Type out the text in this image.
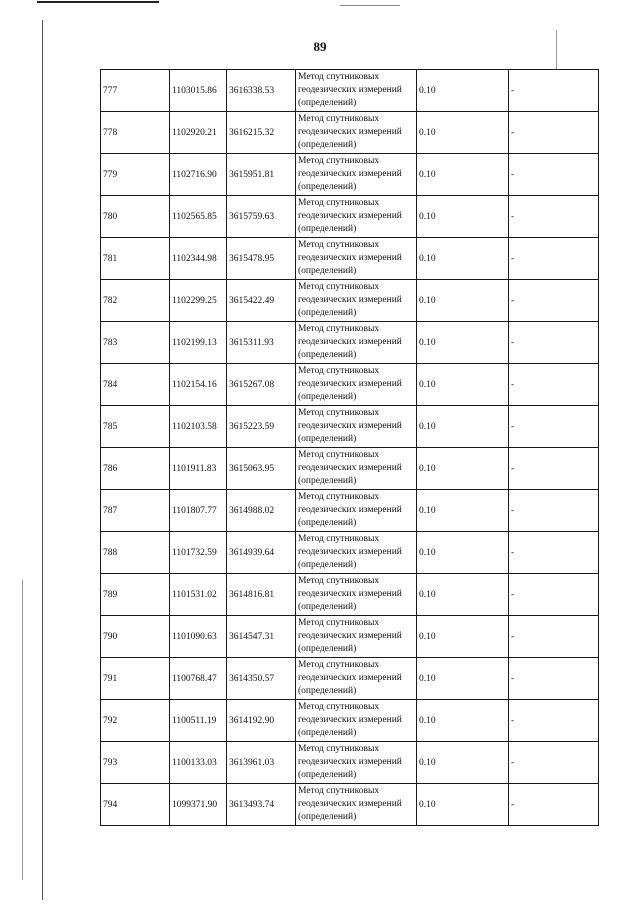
89
777	1103015.86	3616338.53	Метод спутниковых
геодезических измерений
(определений)	0.10	-
778	1102920.21	3616215.32	Метод спутниковых
геодезических измерений
(определений)	0.10	-
779	1102716.90	3615951.81	Метод спутниковых
геодезических измерений
(определений)	0.10	-
780	1102565.85	3615759.63	Метод спутниковых
геодезических измерений
(определений)	0.10	-
781	1102344.98	3615478.95	Метод спутниковых
геодезических измерений
(определений)	0.10	-
782	1102299.25	3615422.49	Метод спутниковых
геодезических измерений
(определений)	0.10	-
783	1102199.13	3615311.93	Метод спутниковых
геодезических измерений
(определений)	0.10	-
784	1102154.16	3615267.08	Метод спутниковых
геодезических измерений
(определений)	0.10	-
785	1102103.58	3615223.59	Метод спутниковых
геодезических измерений
(определений)	0.10	-
786	1101911.83	3615063.95	Метод спутниковых
геодезических измерений
(определений)	0.10	-
787	1101807.77	3614988.02	Метод спутниковых
геодезических измерений
(определений)	0.10	-
788	1101732.59	3614939.64	Метод спутниковых
геодезических измерений
(определений)	0.10	-
789	1101531.02	3614816.81	Метод спутниковых
геодезических измерений
(определений)	0.10	-
790	1101090.63	3614547.31	Метод спутниковых
геодезических измерений
(определений)	0.10	-
791	1100768.47	3614350.57	Метод спутниковых
геодезических измерений
(определений)	0.10	-
792	1100511.19	3614192.90	Метод спутниковых
геодезических измерений
(определений)	0.10	-
793	1100133.03	3613961.03	Метод спутниковых
геодезических измерений
(определений)	0.10	-
794	1099371.90	3613493.74	Метод спутниковых
геодезических измерений
(определений)	0.10	-
